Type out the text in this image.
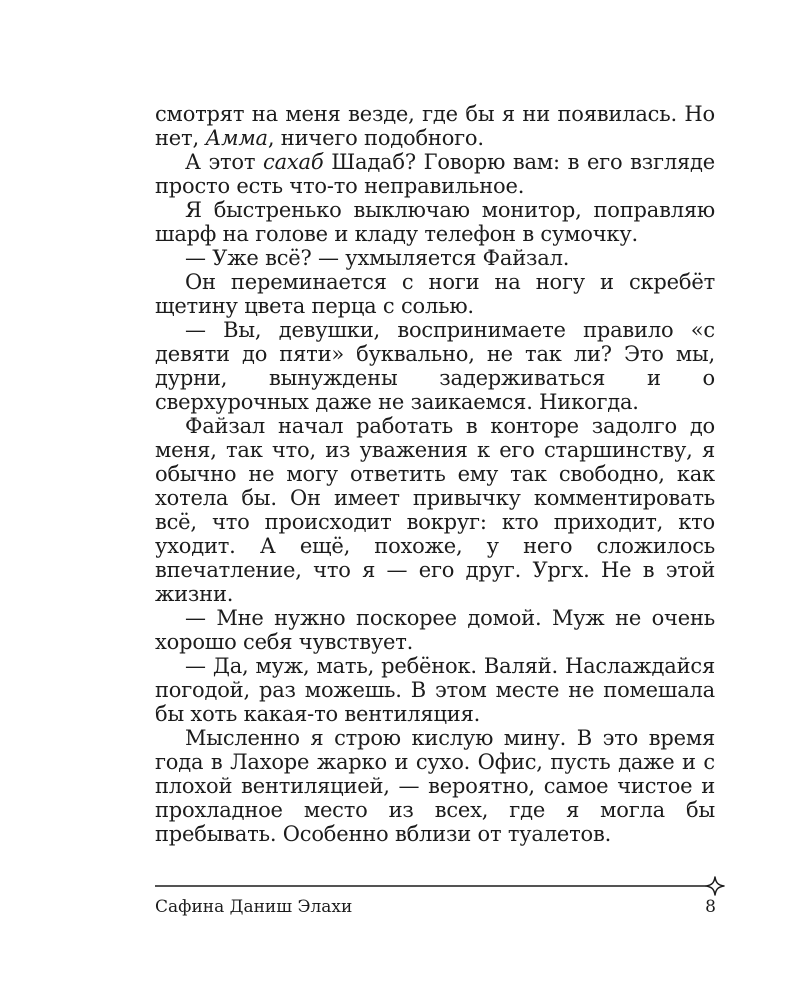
смотрят на меня везде, где бы я ни появилась. Но нет, Амма, ничего подобного.

А этот сахаб Шадаб? Говорю вам: в его взгляде просто есть что-то неправильное.

Я быстренько выключаю монитор, поправляю шарф на голове и кладу телефон в сумочку.

— Уже всё? — ухмыляется Файзал.

Он переминается с ноги на ногу и скребёт щетину цвета перца с солью.

— Вы, девушки, воспринимаете правило «с девяти до пяти» буквально, не так ли? Это мы, дурни, вынуждены задерживаться и о сверхурочных даже не заикаемся. Никогда.

Файзал начал работать в конторе задолго до меня, так что, из уважения к его старшинству, я обычно не могу ответить ему так свободно, как хотела бы. Он имеет привычку комментировать всё, что происходит вокруг: кто приходит, кто уходит. А ещё, похоже, у него сложилось впечатление, что я — его друг. Ургх. Не в этой жизни.

— Мне нужно поскорее домой. Муж не очень хорошо себя чувствует.

— Да, муж, мать, ребёнок. Валяй. Наслаждайся погодой, раз можешь. В этом месте не помешала бы хоть какая-то вентиляция.

Мысленно я строю кислую мину. В это время года в Лахоре жарко и сухо. Офис, пусть даже и с плохой вентиляцией, — вероятно, самое чистое и прохладное место из всех, где я могла бы пребывать. Особенно вблизи от туалетов.

Сафина Даниш Элахи	8
